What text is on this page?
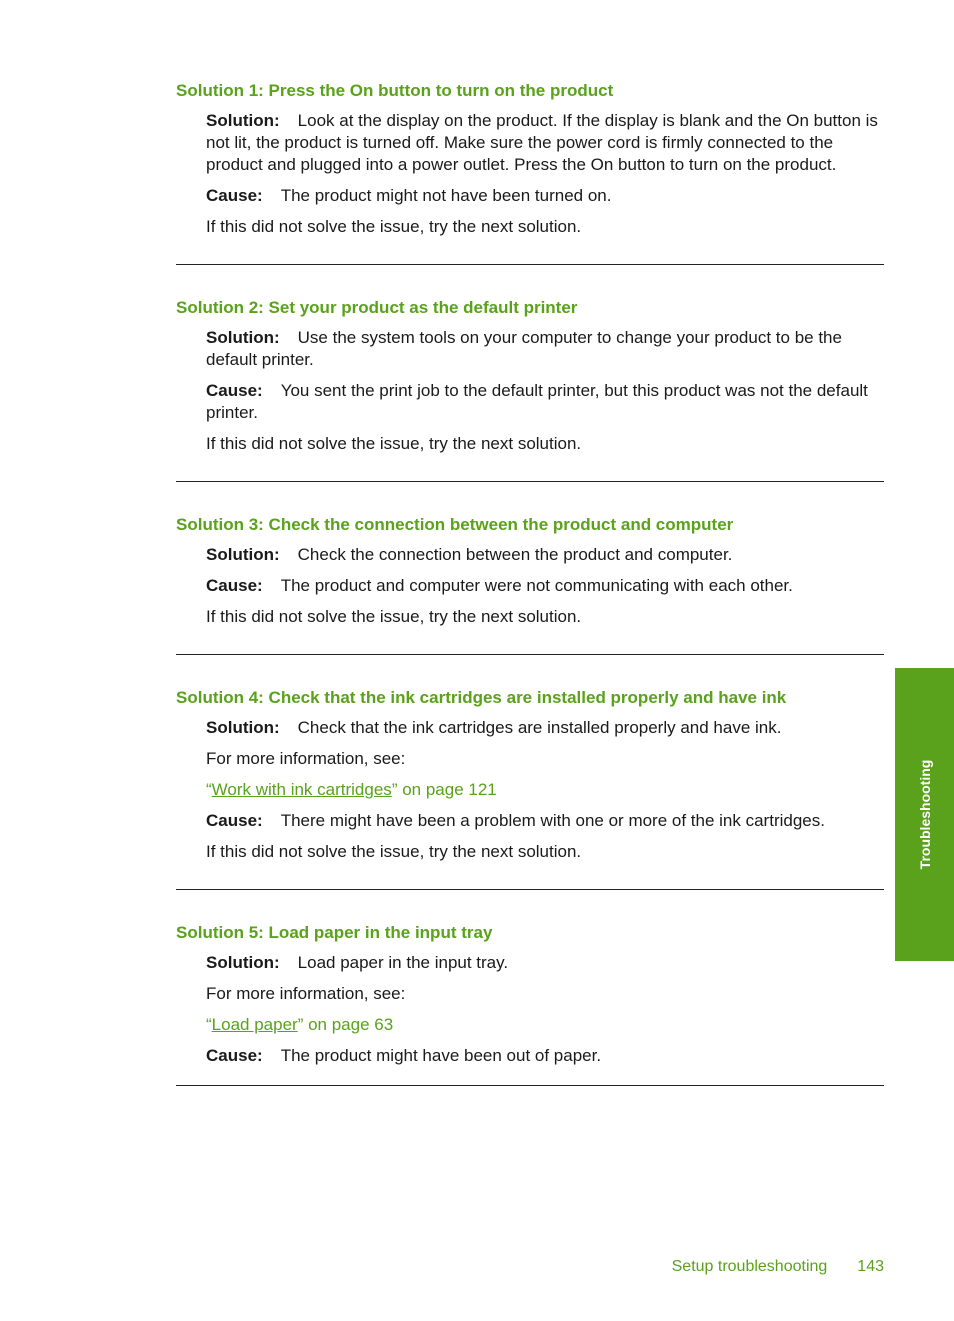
Solution 1: Press the On button to turn on the product

Solution: Look at the display on the product. If the display is blank and the On button is not lit, the product is turned off. Make sure the power cord is firmly connected to the product and plugged into a power outlet. Press the On button to turn on the product.

Cause: The product might not have been turned on.

If this did not solve the issue, try the next solution.

Solution 2: Set your product as the default printer

Solution: Use the system tools on your computer to change your product to be the default printer.

Cause: You sent the print job to the default printer, but this product was not the default printer.

If this did not solve the issue, try the next solution.

Solution 3: Check the connection between the product and computer

Solution: Check the connection between the product and computer.

Cause: The product and computer were not communicating with each other.

If this did not solve the issue, try the next solution.

Solution 4: Check that the ink cartridges are installed properly and have ink

Solution: Check that the ink cartridges are installed properly and have ink.

For more information, see:

“Work with ink cartridges” on page 121

Cause: There might have been a problem with one or more of the ink cartridges.

If this did not solve the issue, try the next solution.

Solution 5: Load paper in the input tray

Solution: Load paper in the input tray.

For more information, see:

“Load paper” on page 63

Cause: The product might have been out of paper.

Troubleshooting
Setup troubleshooting 143
